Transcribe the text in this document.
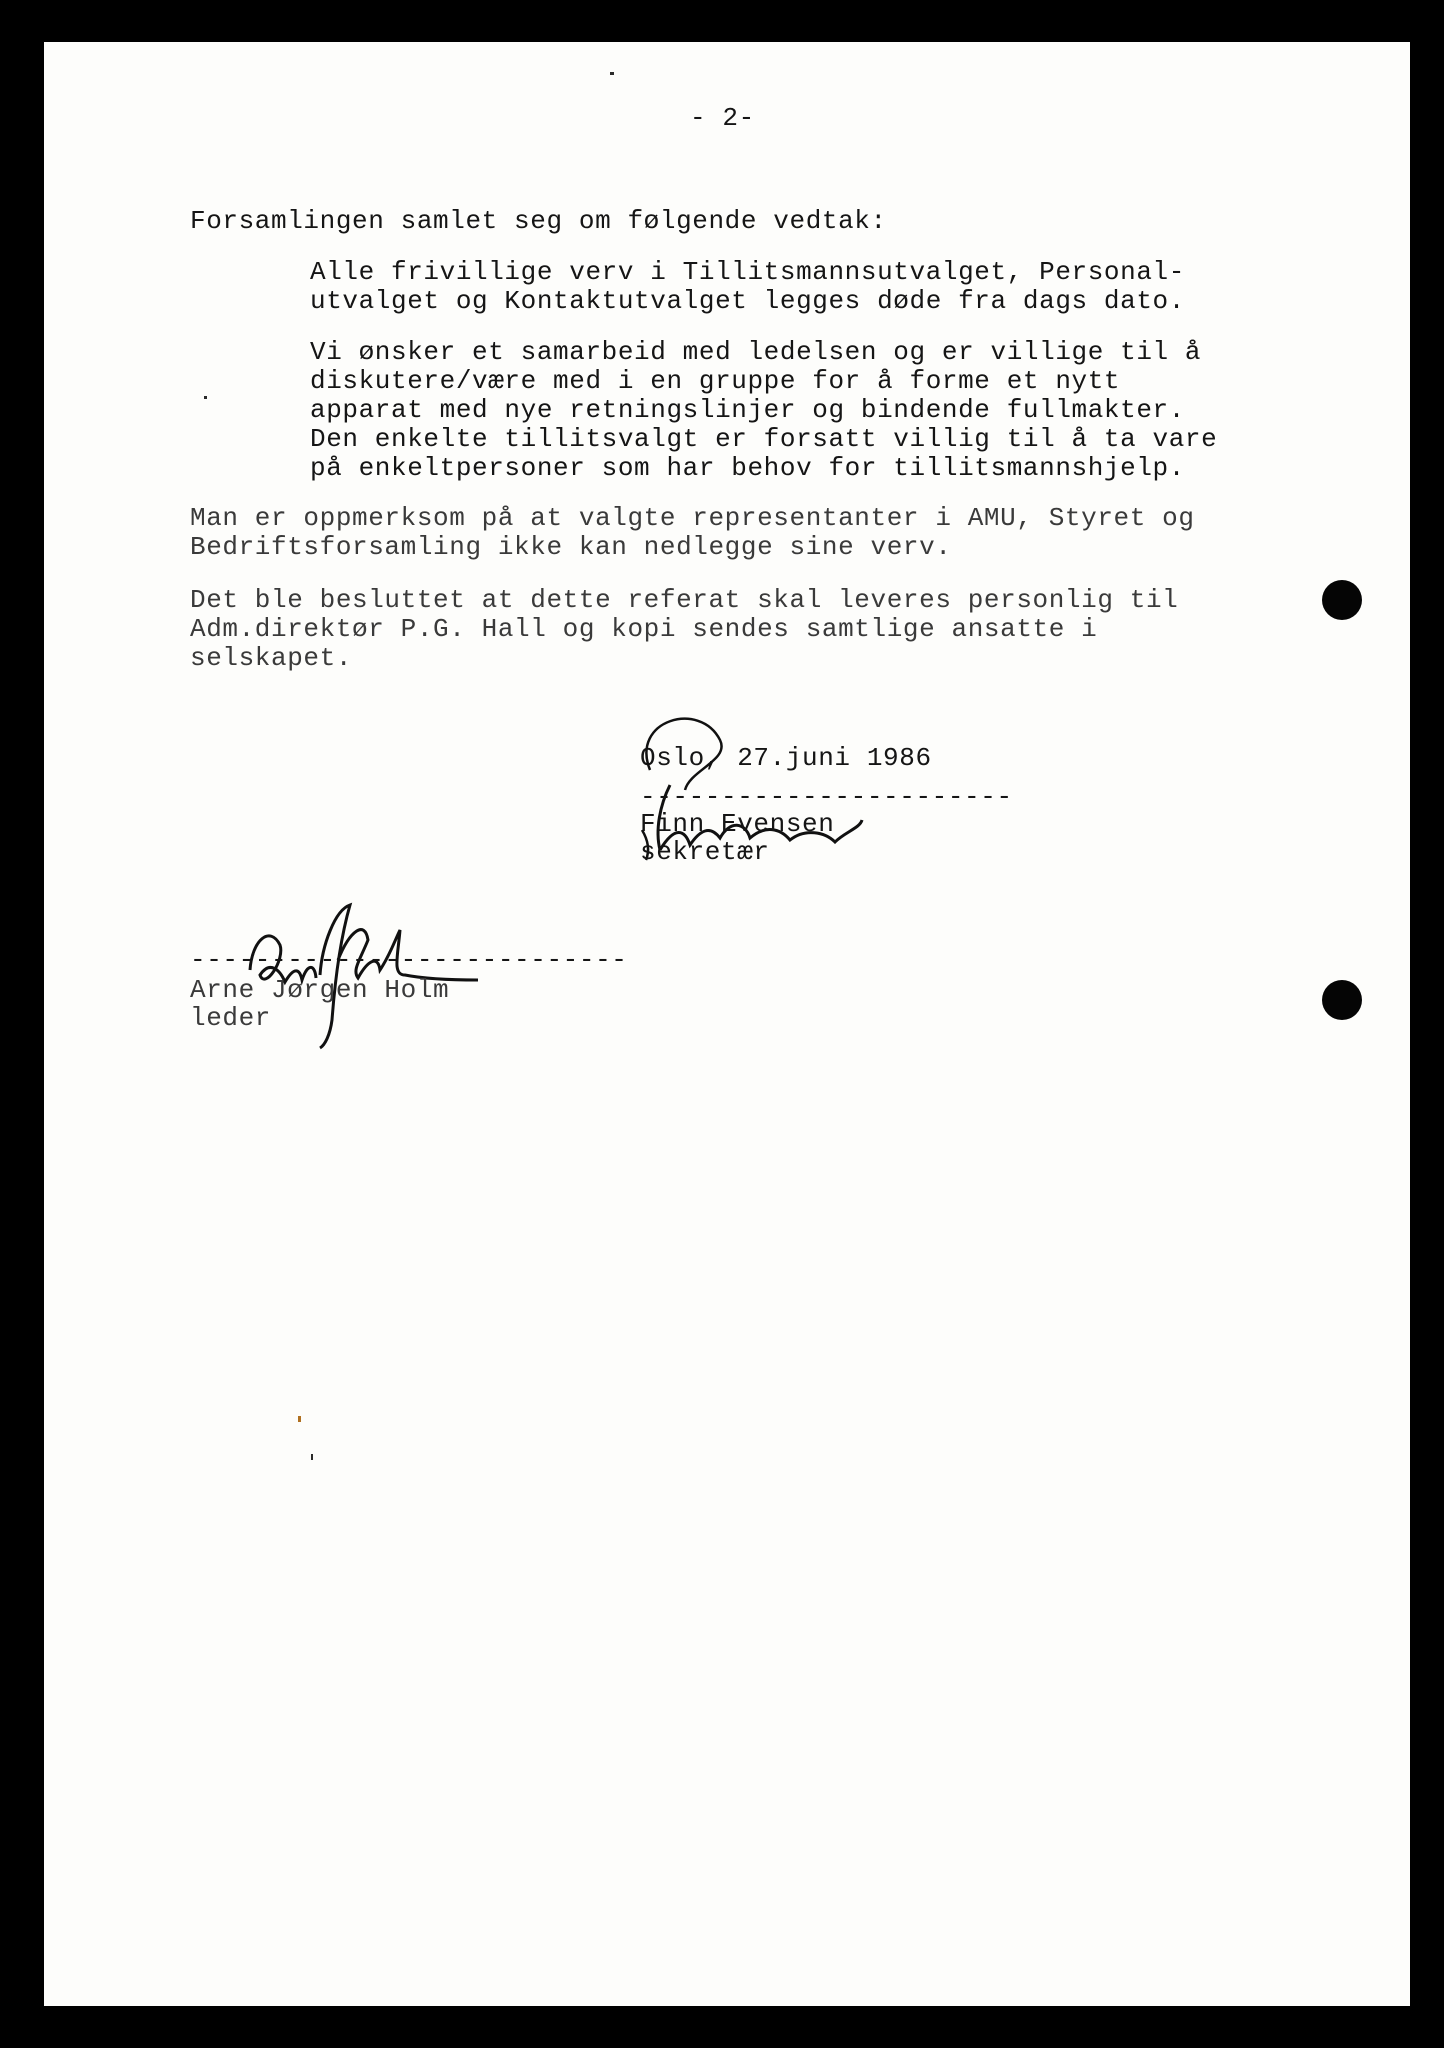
- 2-

Forsamlingen samlet seg om følgende vedtak:

Alle frivillige verv i Tillitsmannsutvalget, Personal-

utvalget og Kontaktutvalget legges døde fra dags dato.

Vi ønsker et samarbeid med ledelsen og er villige til å

diskutere/være med i en gruppe for å forme et nytt

apparat med nye retningslinjer og bindende fullmakter.

Den enkelte tillitsvalgt er forsatt villig til å ta vare

på enkeltpersoner som har behov for tillitsmannshjelp.

Man er oppmerksom på at valgte representanter i AMU, Styret og

Bedriftsforsamling ikke kan nedlegge sine verv.

Det ble besluttet at dette referat skal leveres personlig til

Adm.direktør P.G. Hall og kopi sendes samtlige ansatte i

selskapet.

Oslo, 27.juni 1986

-----------------------

Finn Evensen

sekretær

---------------------------

Arne Jørgen Holm

leder
